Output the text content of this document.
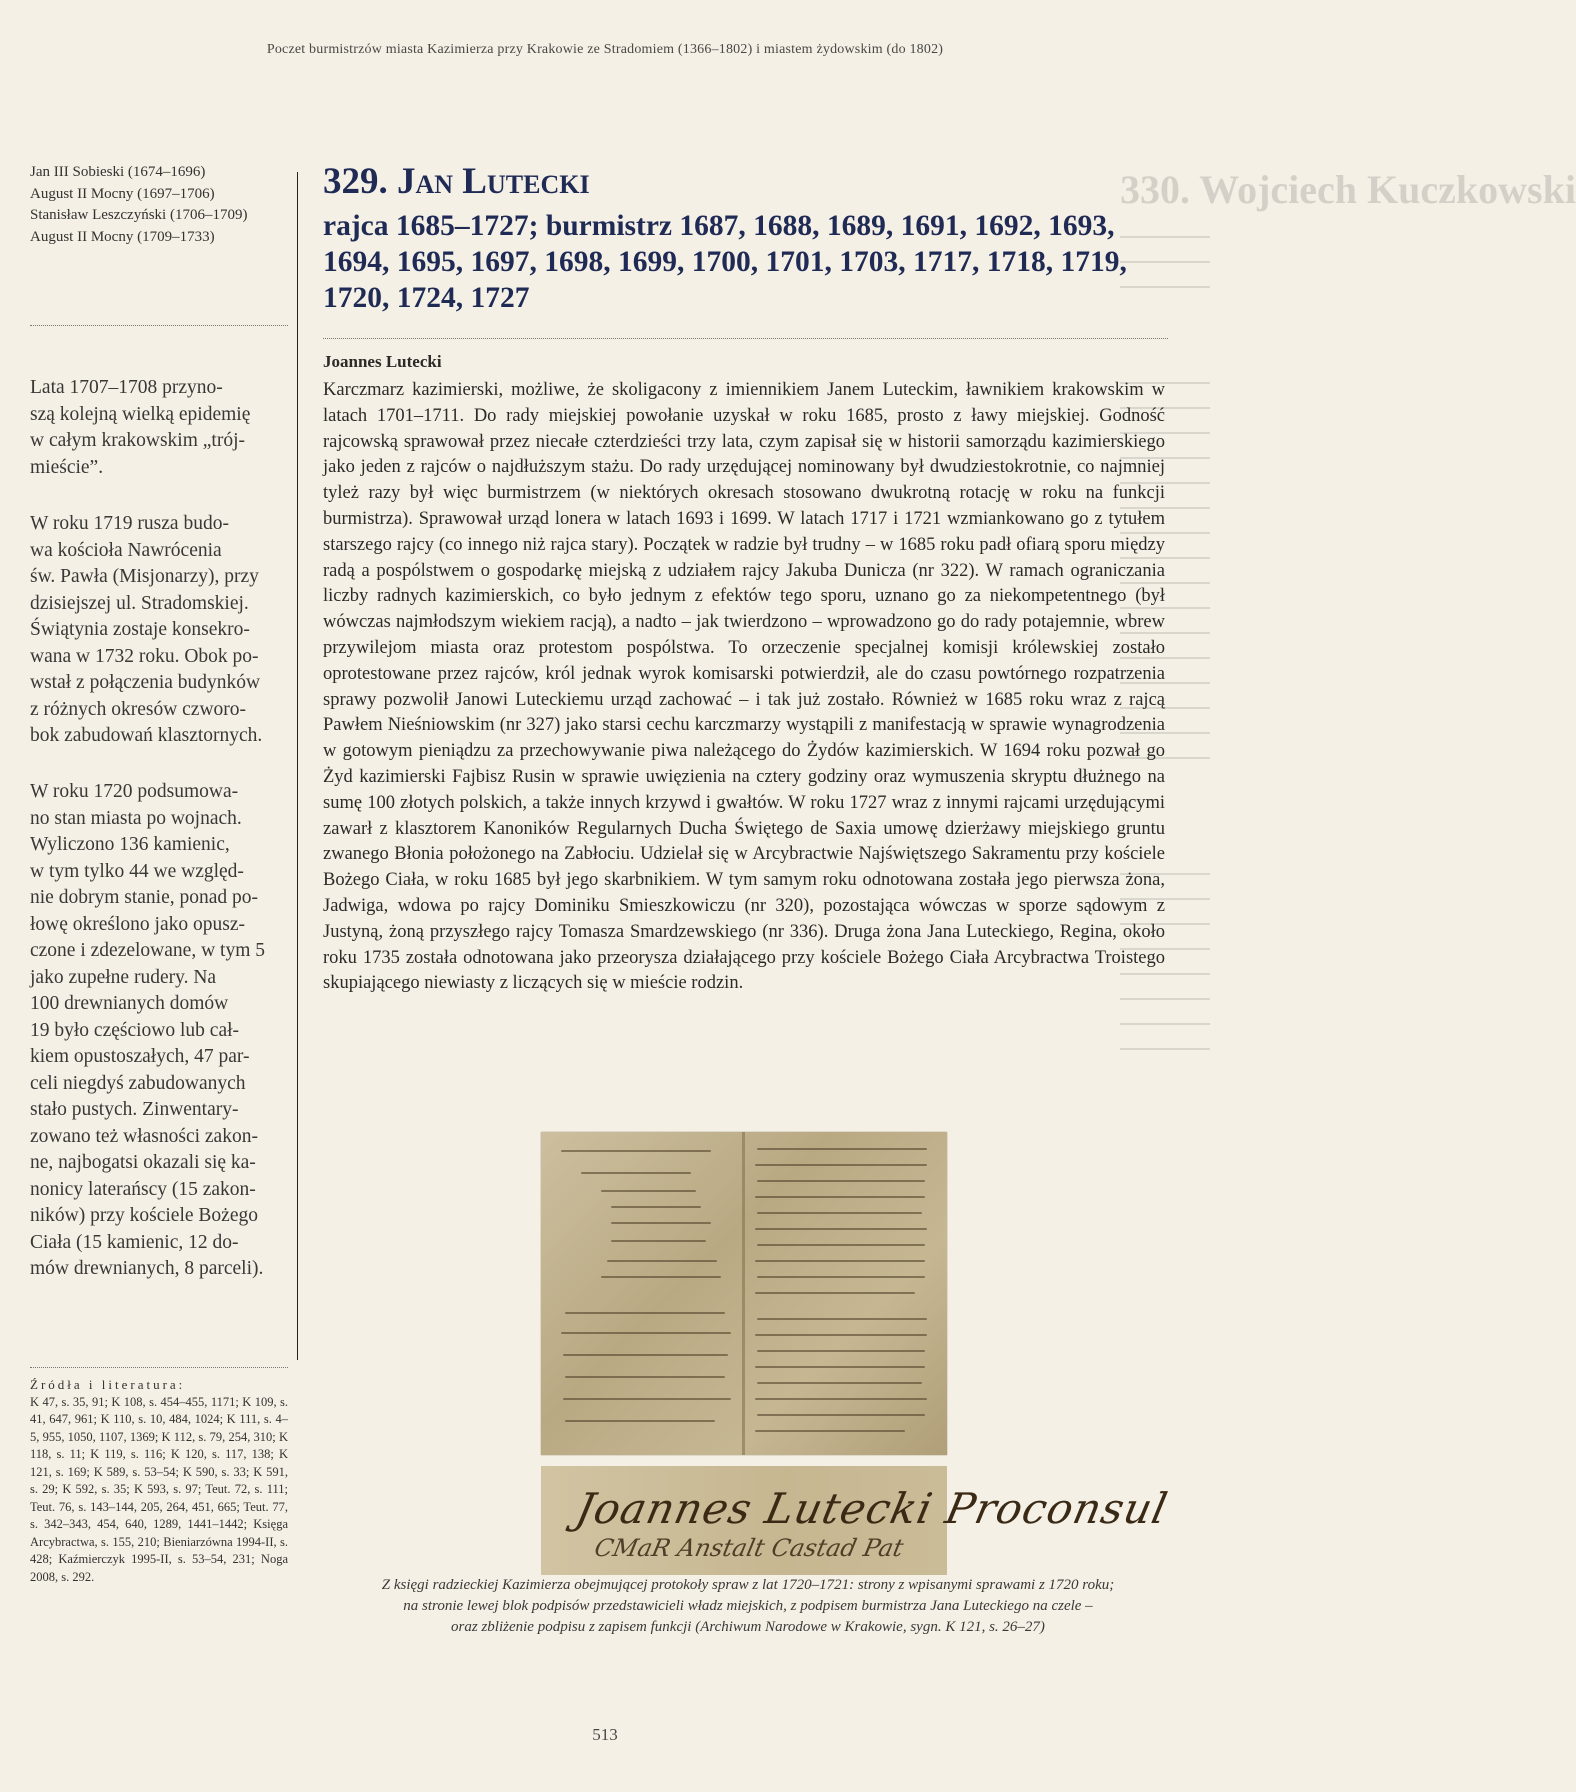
Poczet burmistrzów miasta Kazimierza przy Krakowie ze Stradomiem (1366–1802) i miastem żydowskim (do 1802)
Jan III Sobieski (1674–1696)
August II Mocny (1697–1706)
Stanisław Leszczyński (1706–1709)
August II Mocny (1709–1733)

Lata 1707–1708 przyno-

szą kolejną wielką epidemię

w całym krakowskim „trój-

mieście”.

W roku 1719 rusza budo-

wa kościoła Nawrócenia

św. Pawła (Misjonarzy), przy

dzisiejszej ul. Stradomskiej.

Świątynia zostaje konsekro-

wana w 1732 roku. Obok po-

wstał z połączenia budynków

z różnych okresów czworo-

bok zabudowań klasztornych.

W roku 1720 podsumowa-

no stan miasta po wojnach.

Wyliczono 136 kamienic,

w tym tylko 44 we względ-

nie dobrym stanie, ponad po-

łowę określono jako opusz-

czone i zdezelowane, w tym 5

jako zupełne rudery. Na

100 drewnianych domów

19 było częściowo lub cał-

kiem opustoszałych, 47 par-

celi niegdyś zabudowanych

stało pustych. Zinwentary-

zowano też własności zakon-

ne, najbogatsi okazali się ka-

nonicy laterańscy (15 zakon-

ników) przy kościele Bożego

Ciała (15 kamienic, 12 do-

mów drewnianych, 8 parceli).

Źródła i literatura:
K 47, s. 35, 91; K 108, s. 454–455, 1171; K 109, s. 41, 647, 961; K 110, s. 10, 484, 1024; K 111, s. 4–5, 955, 1050, 1107, 1369; K 112, s. 79, 254, 310; K 118, s. 11; K 119, s. 116; K 120, s. 117, 138; K 121, s. 169; K 589, s. 53–54; K 590, s. 33; K 591, s. 29; K 592, s. 35; K 593, s. 97; Teut. 72, s. 111; Teut. 76, s. 143–144, 205, 264, 451, 665; Teut. 77, s. 342–343, 454, 640, 1289, 1441–1442; Księga Arcybractwa, s. 155, 210; Bieniarzówna 1994-II, s. 428; Kaźmierczyk 1995-II, s. 53–54, 231; Noga 2008, s. 292.
330. Wojciech Kuczkowski
329. Jan Lutecki
rajca 1685–1727; burmistrz 1687, 1688, 1689, 1691, 1692, 1693, 1694, 1695, 1697, 1698, 1699, 1700, 1701, 1703, 1717, 1718, 1719, 1720, 1724, 1727
Joannes Lutecki

Karczmarz kazimierski, możliwe, że skoligacony z imiennikiem Janem Luteckim, ławnikiem krakowskim w latach 1701–1711. Do rady miejskiej powołanie uzyskał w roku 1685, prosto z ławy miejskiej. Godność rajcowską sprawował przez niecałe czterdzieści trzy lata, czym zapisał się w historii samorządu kazimierskiego jako jeden z rajców o najdłuższym stażu. Do rady urzędującej nominowany był dwudziestokrotnie, co najmniej tyleż razy był więc burmistrzem (w niektórych okresach stosowano dwukrotną rotację w roku na funkcji burmistrza). Sprawował urząd lonera w latach 1693 i 1699. W latach 1717 i 1721 wzmiankowano go z tytułem starszego rajcy (co innego niż rajca stary). Początek w radzie był trudny – w 1685 roku padł ofiarą sporu między radą a pospólstwem o gospodarkę miejską z udziałem rajcy Jakuba Dunicza (nr 322). W ramach ograniczania liczby radnych kazimierskich, co było jednym z efektów tego sporu, uznano go za niekompetentnego (był wówczas najmłodszym wiekiem racją), a nadto – jak twierdzono – wprowadzono go do rady potajemnie, wbrew przywilejom miasta oraz protestom pospólstwa. To orzeczenie specjalnej komisji królewskiej zostało oprotestowane przez rajców, król jednak wyrok komisarski potwierdził, ale do czasu powtórnego rozpatrzenia sprawy pozwolił Janowi Luteckiemu urząd zachować – i tak już zostało. Również w 1685 roku wraz z rajcą Pawłem Nieśniowskim (nr 327) jako starsi cechu karczmarzy wystąpili z manifestacją w sprawie wynagrodzenia w gotowym pieniądzu za przechowywanie piwa należącego do Żydów kazimierskich. W 1694 roku pozwał go Żyd kazimierski Fajbisz Rusin w sprawie uwięzienia na cztery godziny oraz wymuszenia skryptu dłużnego na sumę 100 złotych polskich, a także innych krzywd i gwałtów. W roku 1727 wraz z innymi rajcami urzędującymi zawarł z klasztorem Kanoników Regularnych Ducha Świętego de Saxia umowę dzierżawy miejskiego gruntu zwanego Błonia położonego na Zabłociu. Udzielał się w Arcybractwie Najświętszego Sakramentu przy kościele Bożego Ciała, w roku 1685 był jego skarbnikiem. W tym samym roku odnotowana została jego pierwsza żona, Jadwiga, wdowa po rajcy Dominiku Smieszkowiczu (nr 320), pozostająca wówczas w sporze sądowym z Justyną, żoną przyszłego rajcy Tomasza Smardzewskiego (nr 336). Druga żona Jana Luteckiego, Regina, około roku 1735 została odnotowana jako przeorysza działającego przy kościele Bożego Ciała Arcybractwa Troistego skupiającego niewiasty z liczących się w mieście rodzin.

Joannes Lutecki Proconsul
CMaR Anstalt Castad Pat

Z księgi radzieckiej Kazimierza obejmującej protokoły spraw z lat 1720–1721: strony z wpisanymi sprawami z 1720 roku;

na stronie lewej blok podpisów przedstawicieli władz miejskich, z podpisem burmistrza Jana Luteckiego na czele –

oraz zbliżenie podpisu z zapisem funkcji (Archiwum Narodowe w Krakowie, sygn. K 121, s. 26–27)

513
